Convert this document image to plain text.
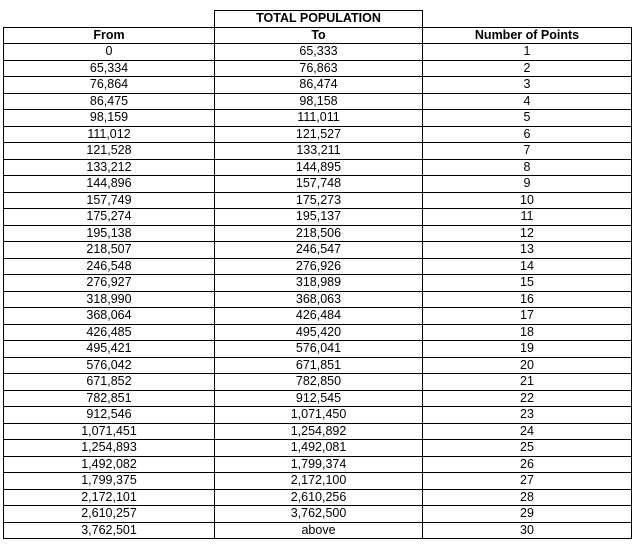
	TOTAL POPULATION	
From	To	Number of Points
0	65,333	1
65,334	76,863	2
76,864	86,474	3
86,475	98,158	4
98,159	111,011	5
111,012	121,527	6
121,528	133,211	7
133,212	144,895	8
144,896	157,748	9
157,749	175,273	10
175,274	195,137	11
195,138	218,506	12
218,507	246,547	13
246,548	276,926	14
276,927	318,989	15
318,990	368,063	16
368,064	426,484	17
426,485	495,420	18
495,421	576,041	19
576,042	671,851	20
671,852	782,850	21
782,851	912,545	22
912,546	1,071,450	23
1,071,451	1,254,892	24
1,254,893	1,492,081	25
1,492,082	1,799,374	26
1,799,375	2,172,100	27
2,172,101	2,610,256	28
2,610,257	3,762,500	29
3,762,501	above	30
